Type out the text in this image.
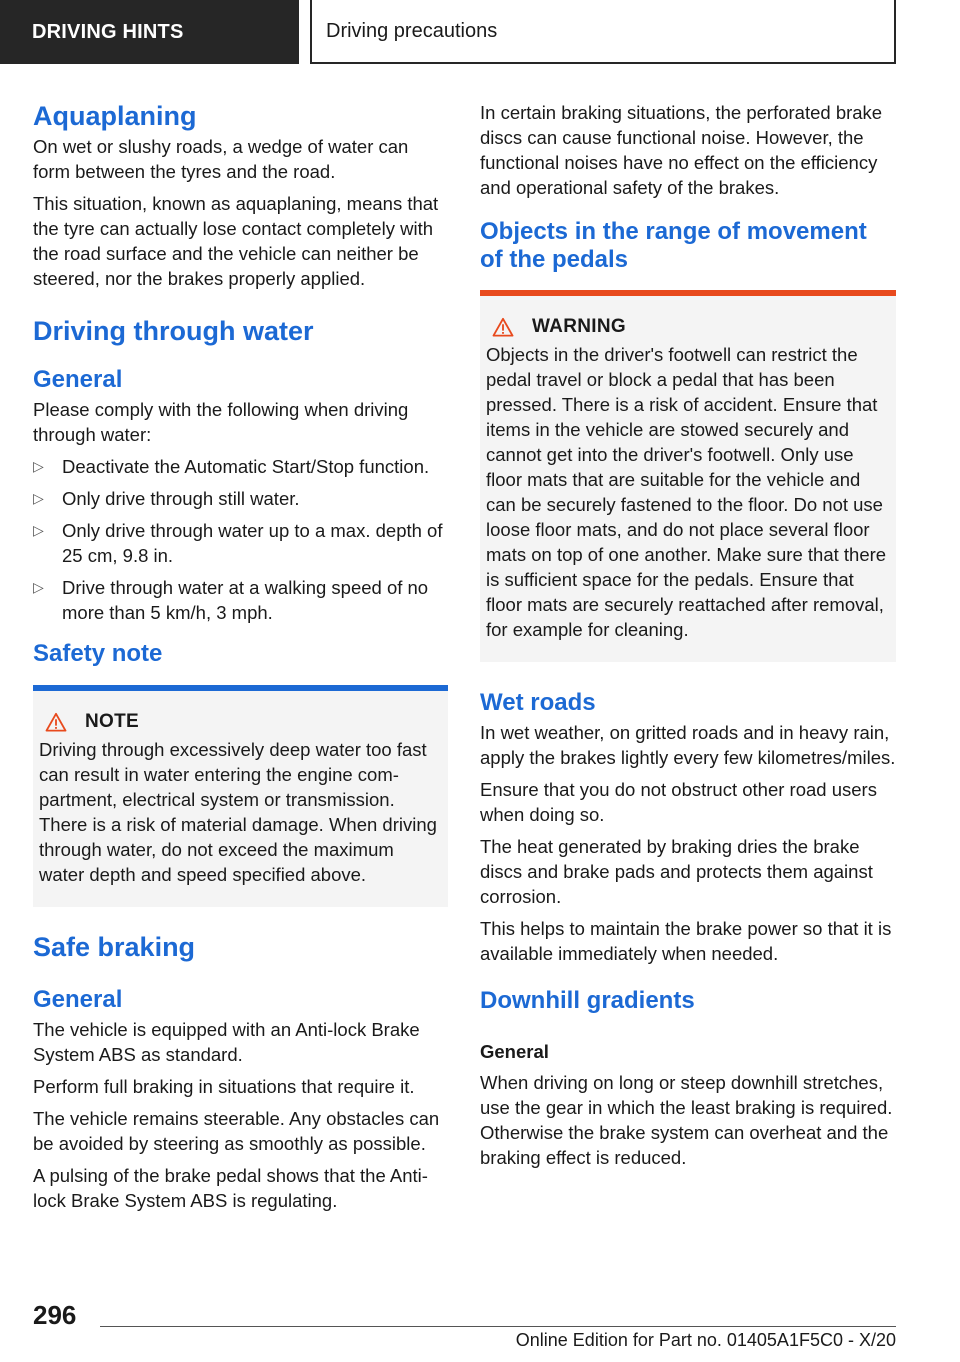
DRIVING HINTS	Driving precautions
Aquaplaning

On wet or slushy roads, a wedge of water can form between the tyres and the road.

This situation, known as aquaplaning, means that the tyre can actually lose contact completely with the road surface and the vehicle can neither be steered, nor the brakes properly applied.

Driving through water
General

Please comply with the following when driving through water:

▷ Deactivate the Automatic Start/Stop function.
▷ Only drive through still water.
▷ Only drive through water up to a max. depth of 25 cm, 9.8 in.
▷ Drive through water at a walking speed of no more than 5 km/h, 3 mph.
Safety note
NOTE

Driving through excessively deep water too fast can result in water entering the engine compartment, electrical system or transmission. There is a risk of material damage. When driving through water, do not exceed the maximum water depth and speed specified above.

Safe braking
General

The vehicle is equipped with an Anti-lock Brake System ABS as standard.

Perform full braking in situations that require it.

The vehicle remains steerable. Any obstacles can be avoided by steering as smoothly as possible.

A pulsing of the brake pedal shows that the Anti-lock Brake System ABS is regulating.

In certain braking situations, the perforated brake discs can cause functional noise. However, the functional noises have no effect on the efficiency and operational safety of the brakes.

Objects in the range of movement of the pedals
WARNING

Objects in the driver's footwell can restrict the pedal travel or block a pedal that has been pressed. There is a risk of accident. Ensure that items in the vehicle are stowed securely and cannot get into the driver's footwell. Only use floor mats that are suitable for the vehicle and can be securely fastened to the floor. Do not use loose floor mats, and do not place several floor mats on top of one another. Make sure that there is sufficient space for the pedals. Ensure that floor mats are securely reattached after removal, for example for cleaning.

Wet roads

In wet weather, on gritted roads and in heavy rain, apply the brakes lightly every few kilometres/miles.

Ensure that you do not obstruct other road users when doing so.

The heat generated by braking dries the brake discs and brake pads and protects them against corrosion.

This helps to maintain the brake power so that it is available immediately when needed.

Downhill gradients
General

When driving on long or steep downhill stretches, use the gear in which the least braking is required. Otherwise the brake system can overheat and the braking effect is reduced.

296
Online Edition for Part no. 01405A1F5C0 - X/20
